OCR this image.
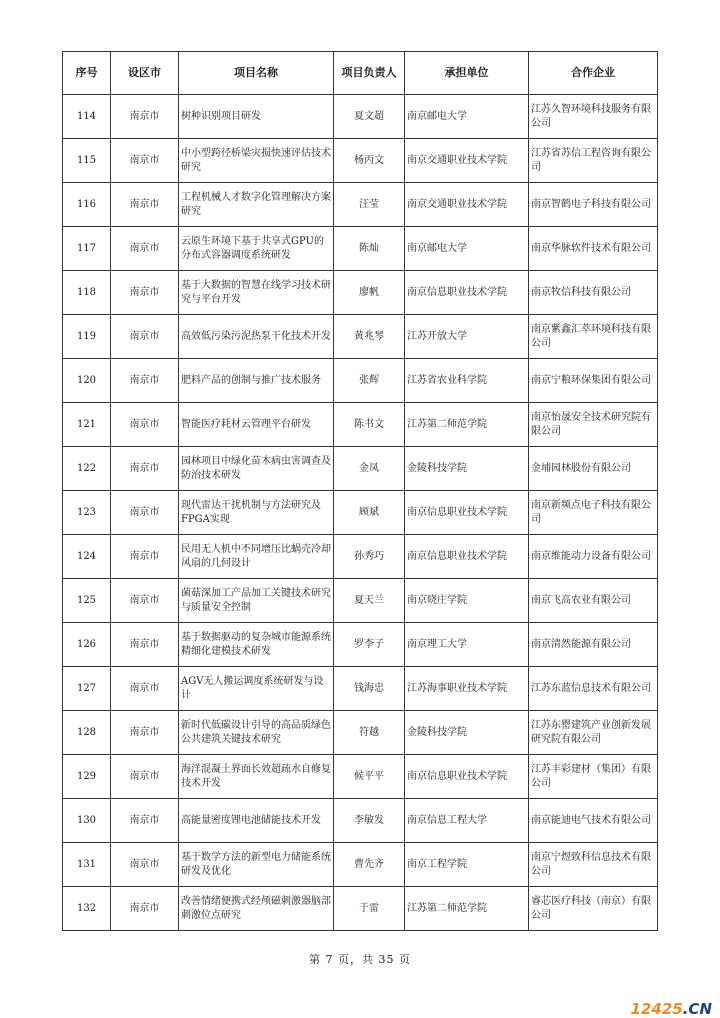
序号	设区市	项目名称	项目负责人	承担单位	合作企业
114	南京市	树种识别项目研发	夏文超	南京邮电大学	江苏久智环境科技服务有限公司
115	南京市	中小型跨径桥梁灾损快速评估技术研究	杨丙文	南京交通职业技术学院	江苏省苏信工程咨询有限公司
116	南京市	工程机械人才数字化管理解决方案研究	汪莹	南京交通职业技术学院	南京智鹤电子科技有限公司
117	南京市	云原生环境下基于共享式GPU的分布式容器调度系统研发	陈灿	南京邮电大学	南京华脉软件技术有限公司
118	南京市	基于大数据的智慧在线学习技术研究与平台开发	廖帆	南京信息职业技术学院	南京牧信科技有限公司
119	南京市	高效低污染污泥热泵干化技术开发	黄兆琴	江苏开放大学	南京紫鑫汇萃环境科技有限公司
120	南京市	肥料产品的创制与推广技术服务	张辉	江苏省农业科学院	南京宁粮环保集团有限公司
121	南京市	智能医疗耗材云管理平台研发	陈书文	江苏第二师范学院	南京怡晟安全技术研究院有限公司
122	南京市	园林项目中绿化苗木病虫害调查及防治技术研发	金凤	金陵科技学院	金埔园林股份有限公司
123	南京市	现代雷达干扰机制与方法研究及FPGA实现	顾斌	南京信息职业技术学院	南京新频点电子科技有限公司
124	南京市	民用无人机中不同增压比蜗壳冷却风扇的几何设计	孙秀巧	南京信息职业技术学院	南京维能动力设备有限公司
125	南京市	菌菇深加工产品加工关键技术研究与质量安全控制	夏天兰	南京晓庄学院	南京飞高农业有限公司
126	南京市	基于数据驱动的复杂城市能源系统精细化建模技术研发	罗李子	南京理工大学	南京清然能源有限公司
127	南京市	AGV无人搬运调度系统研发与设计	钱海忠	江苏海事职业技术学院	江苏东蓝信息技术有限公司
128	南京市	新时代低碳设计引导的高品质绿色公共建筑关键技术研究	符越	金陵科技学院	江苏东罂建筑产业创新发展研究院有限公司
129	南京市	海洋混凝土界面长效超疏水自修复技术开发	候平平	南京信息职业技术学院	江苏丰彩建材（集团）有限公司
130	南京市	高能量密度锂电池储能技术开发	李敏发	南京信息工程大学	南京能迪电气技术有限公司
131	南京市	基于数学方法的新型电力储能系统研发及优化	曹先齐	南京工程学院	南京宁煜致科信息技术有限公司
132	南京市	改善情绪便携式经颅磁刺激器脑部刺激位点研究	于雷	江苏第二师范学院	睿芯医疗科技（南京）有限公司
第 7 页，共 35 页
12425.CN
